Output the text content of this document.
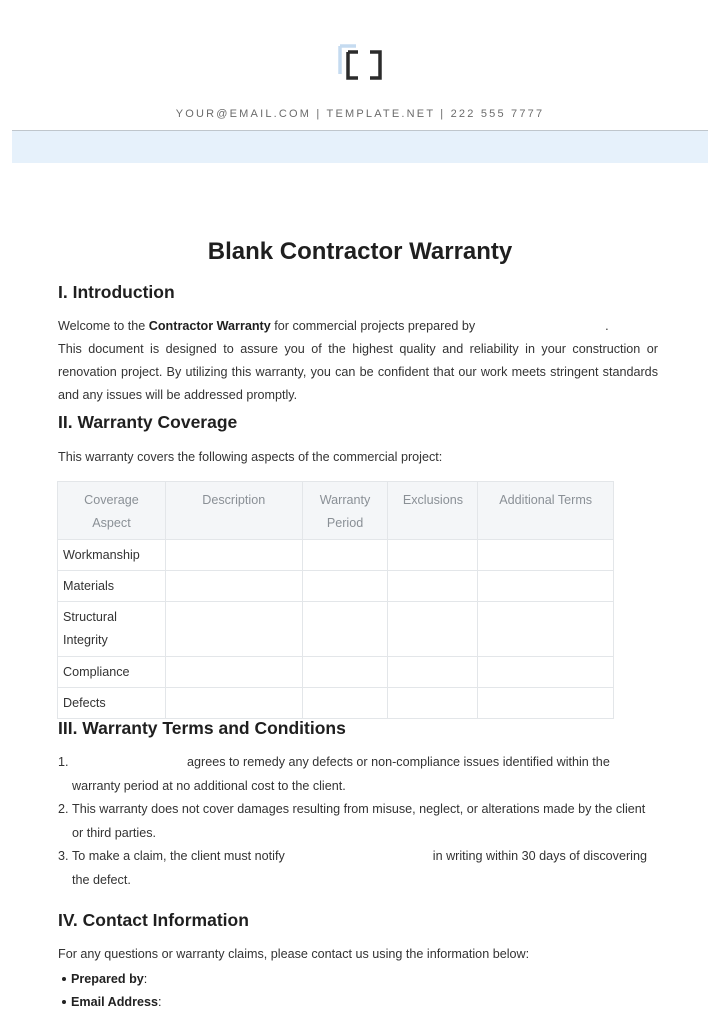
YOUR@EMAIL.COM | TEMPLATE.NET | 222 555 7777
Blank Contractor Warranty
I. Introduction
Welcome to the Contractor Warranty for commercial projects prepared by	.
This document is designed to assure you of the highest quality and reliability in your construction or renovation project. By utilizing this warranty, you can be confident that our work meets stringent standards and any issues will be addressed promptly.
II. Warranty Coverage
This warranty covers the following aspects of the commercial project:
Coverage Aspect	Description	Warranty Period	Exclusions	Additional Terms
Workmanship				
Materials				
Structural Integrity				
Compliance				
Defects				
III. Warranty Terms and Conditions
1.	agrees to remedy any defects or non-compliance issues identified within the warranty period at no additional cost to the client.
2. This warranty does not cover damages resulting from misuse, neglect, or alterations made by the client or third parties.
3. To make a claim, the client must notify	in writing within 30 days of discovering the defect.
IV. Contact Information
For any questions or warranty claims, please contact us using the information below:
Prepared by:
Email Address:
